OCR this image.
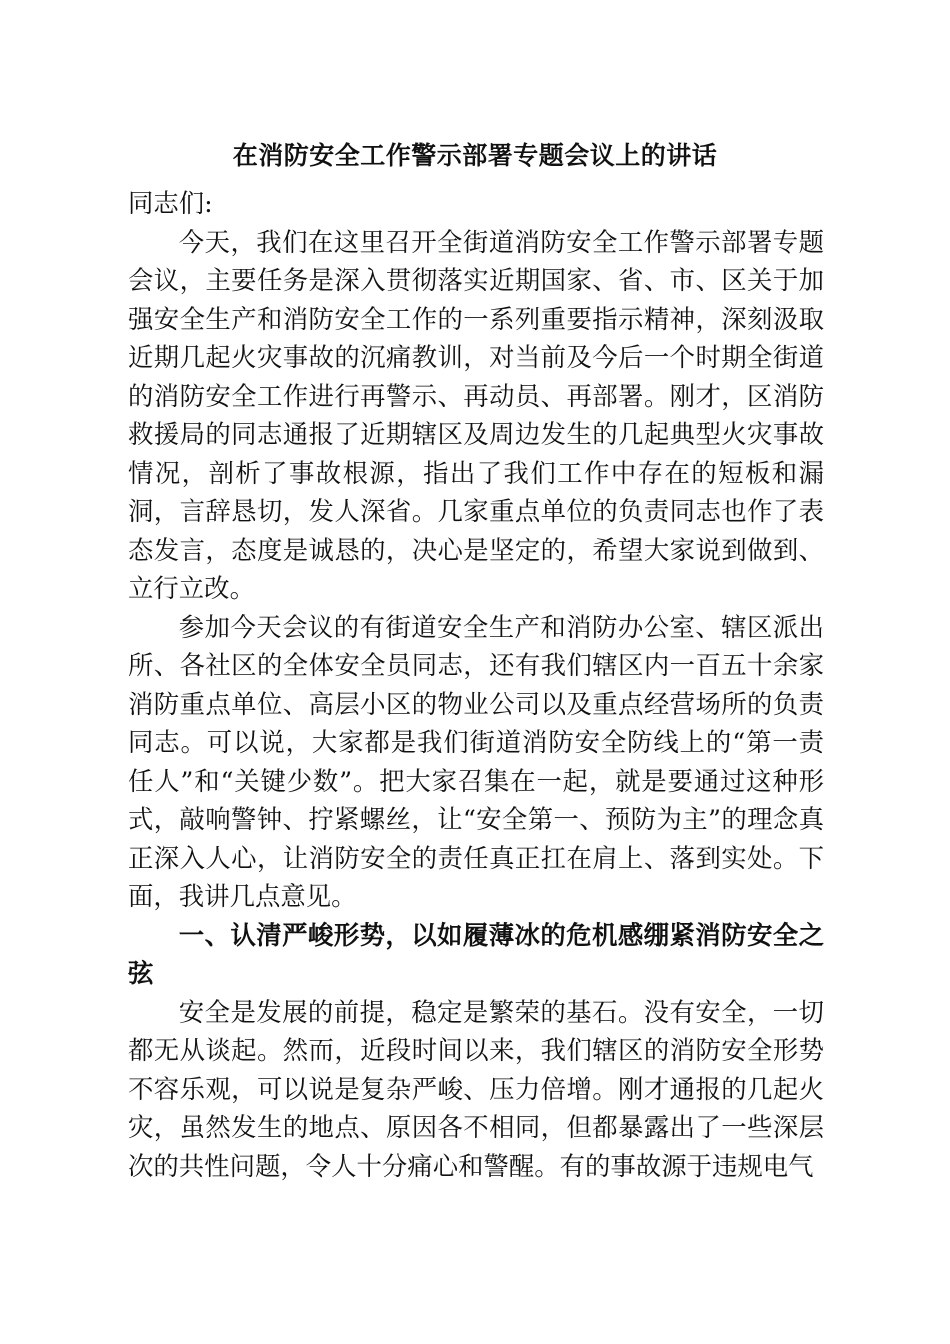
在消防安全工作警示部署专题会议上的讲话

同志们:

今天，我们在这里召开全街道消防安全工作警示部署专题会议，主要任务是深入贯彻落实近期国家、省、市、区关于加强安全生产和消防安全工作的一系列重要指示精神，深刻汲取近期几起火灾事故的沉痛教训，对当前及今后一个时期全街道的消防安全工作进行再警示、再动员、再部署。刚才，区消防救援局的同志通报了近期辖区及周边发生的几起典型火灾事故情况，剖析了事故根源，指出了我们工作中存在的短板和漏洞，言辞恳切，发人深省。几家重点单位的负责同志也作了表态发言，态度是诚恳的，决心是坚定的，希望大家说到做到、立行立改。

参加今天会议的有街道安全生产和消防办公室、辖区派出所、各社区的全体安全员同志，还有我们辖区内一百五十余家消防重点单位、高层小区的物业公司以及重点经营场所的负责同志。可以说，大家都是我们街道消防安全防线上的“第一责任人”和“关键少数”。把大家召集在一起，就是要通过这种形式，敲响警钟、拧紧螺丝，让“安全第一、预防为主”的理念真正深入人心，让消防安全的责任真正扛在肩上、落到实处。下面，我讲几点意见。

一、认清严峻形势，以如履薄冰的危机感绷紧消防安全之弦

安全是发展的前提，稳定是繁荣的基石。没有安全，一切都无从谈起。然而，近段时间以来，我们辖区的消防安全形势不容乐观，可以说是复杂严峻、压力倍增。刚才通报的几起火灾，虽然发生的地点、原因各不相同，但都暴露出了一些深层次的共性问题，令人十分痛心和警醒。有的事故源于违规电气
